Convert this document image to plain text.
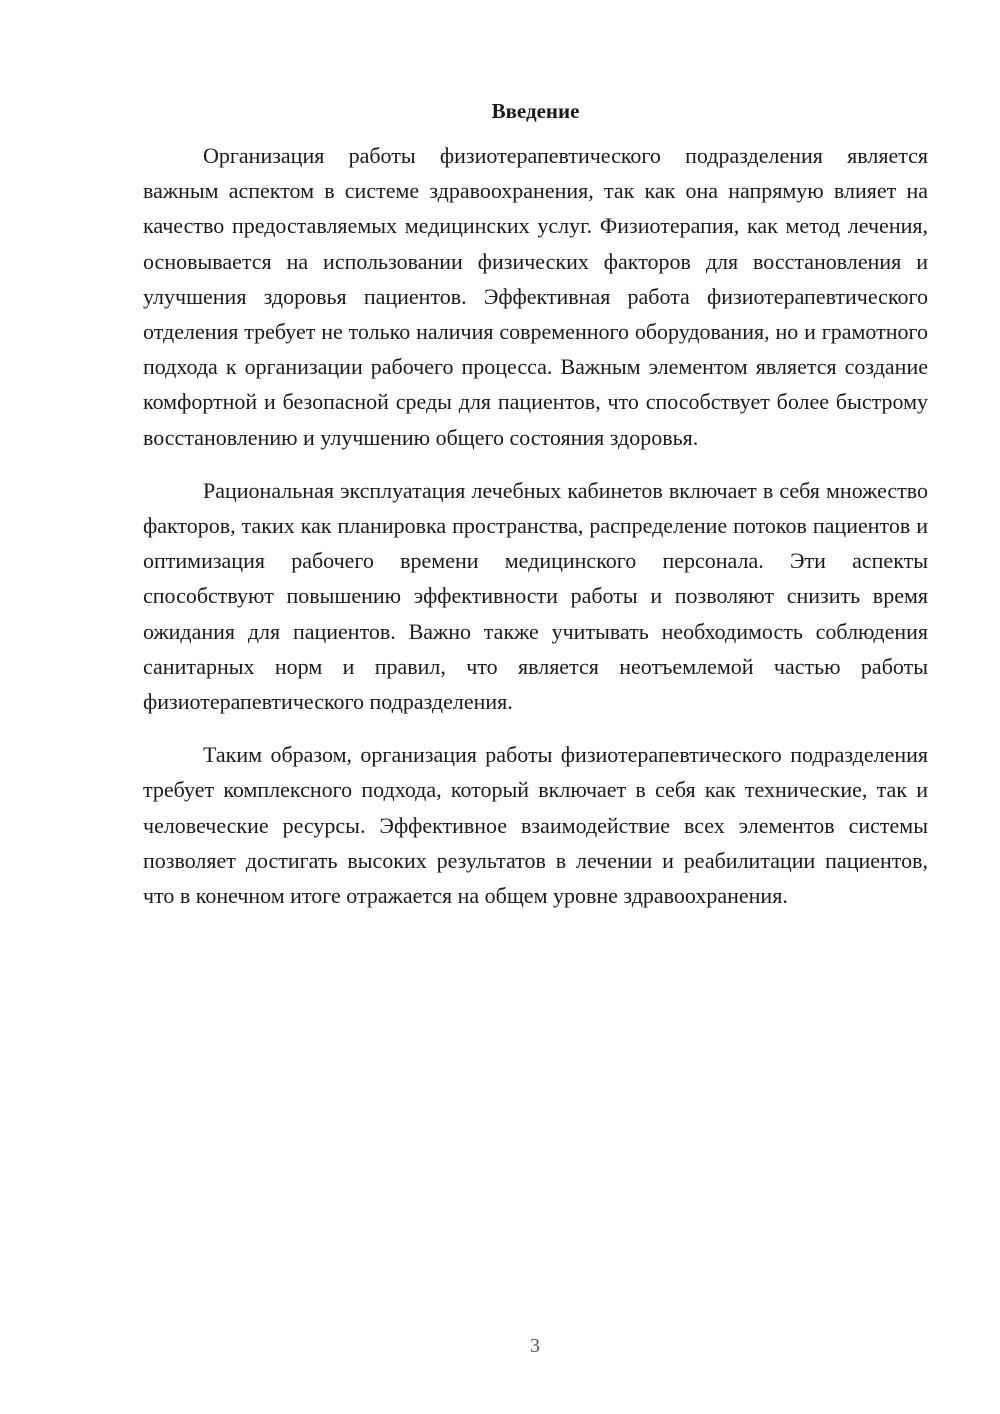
Введение

Организация работы физиотерапевтического подразделения является важным аспектом в системе здравоохранения, так как она напрямую влияет на качество предоставляемых медицинских услуг. Физиотерапия, как метод лечения, основывается на использовании физических факторов для восстановления и улучшения здоровья пациентов. Эффективная работа физиотерапевтического отделения требует не только наличия современного оборудования, но и грамотного подхода к организации рабочего процесса. Важным элементом является создание комфортной и безопасной среды для пациентов, что способствует более быстрому восстановлению и улучшению общего состояния здоровья.

Рациональная эксплуатация лечебных кабинетов включает в себя множество факторов, таких как планировка пространства, распределение потоков пациентов и оптимизация рабочего времени медицинского персонала. Эти аспекты способствуют повышению эффективности работы и позволяют снизить время ожидания для пациентов. Важно также учитывать необходимость соблюдения санитарных норм и правил, что является неотъемлемой частью работы физиотерапевтического подразделения.

Таким образом, организация работы физиотерапевтического подразделения требует комплексного подхода, который включает в себя как технические, так и человеческие ресурсы. Эффективное взаимодействие всех элементов системы позволяет достигать высоких результатов в лечении и реабилитации пациентов, что в конечном итоге отражается на общем уровне здравоохранения.

3
